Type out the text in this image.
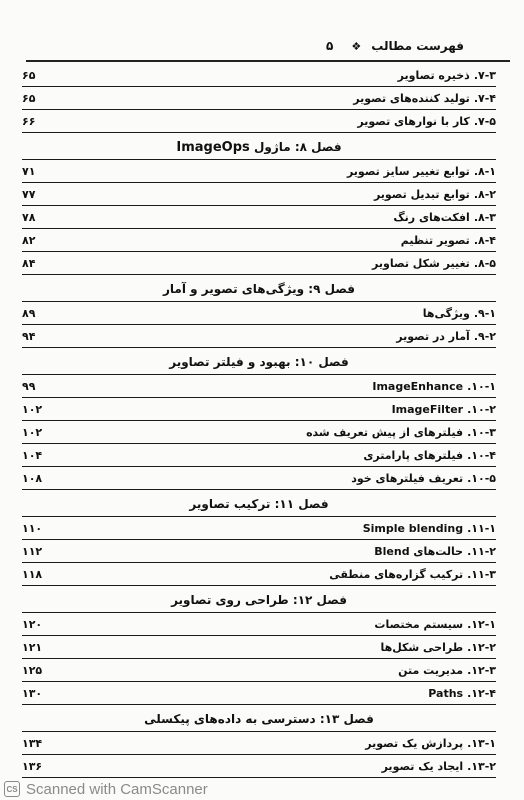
فهرست مطالب
❖
۵
۷-۳.
ذخیره تصاویر
۶۵
۷-۴.
تولید کننده‌های تصویر
۶۵
۷-۵.
کار با نوارهای تصویر
۶۶
فصل ۸: ماژول ImageOps
۸-۱.
توابع تغییر سایز تصویر
۷۱
۸-۲.
توابع تبدیل تصویر
۷۷
۸-۳.
افکت‌های رنگ
۷۸
۸-۴.
تصویر تنظیم
۸۲
۸-۵.
تغییر شکل تصاویر
۸۴
فصل ۹: ویژگی‌های تصویر و آمار
۹-۱.
ویژگی‌ها
۸۹
۹-۲.
آمار در تصویر
۹۴
فصل ۱۰: بهبود و فیلتر تصاویر
۱۰-۱.
ImageEnhance
۹۹
۱۰-۲.
ImageFilter
۱۰۲
۱۰-۳.
فیلترهای از پیش تعریف شده
۱۰۲
۱۰-۴.
فیلترهای پارامتری
۱۰۴
۱۰-۵.
تعریف فیلترهای خود
۱۰۸
فصل ۱۱: ترکیب تصاویر
۱۱-۱.
Simple blending
۱۱۰
۱۱-۲.
حالت‌های Blend
۱۱۲
۱۱-۳.
ترکیب گزاره‌های منطقی
۱۱۸
فصل ۱۲: طراحی روی تصاویر
۱۲-۱.
سیستم مختصات
۱۲۰
۱۲-۲.
طراحی شکل‌ها
۱۲۱
۱۲-۳.
مدیریت متن
۱۲۵
۱۲-۴.
Paths
۱۳۰
فصل ۱۳: دسترسی به داده‌های پیکسلی
۱۳-۱.
پردازش یک تصویر
۱۳۴
۱۳-۲.
ایجاد یک تصویر
۱۳۶
CS Scanned with CamScanner
